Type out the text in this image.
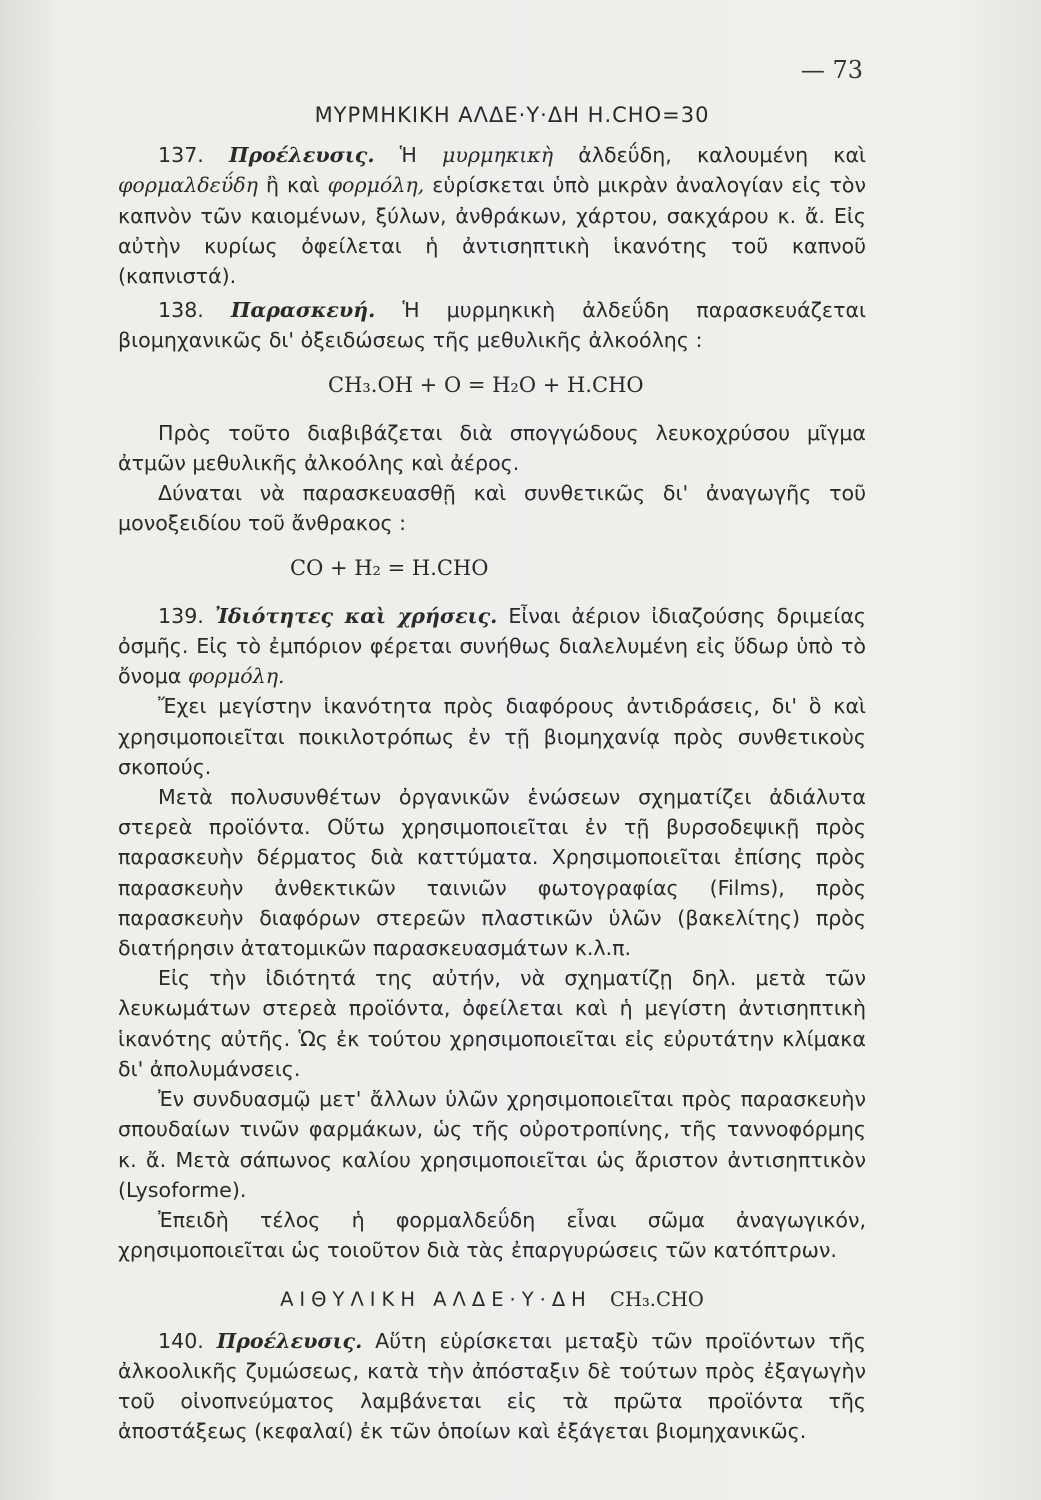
— 73
ΜΥΡΜΗΚΙΚΗ ΑΛΔΕ·Υ·ΔΗ Η.CHO=30

137. Προέλευσις. Ἡ μυρμηκικὴ ἀλδεΰδη, καλουμένη καὶ φορμαλδεΰδη ἢ καὶ φορμόλη, εὑρίσκεται ὑπὸ μικρὰν ἀναλογίαν εἰς τὸν καπνὸν τῶν καιομένων, ξύλων, ἀνθράκων, χάρτου, σακχάρου κ. ἄ. Εἰς αὐτὴν κυρίως ὀφείλεται ἡ ἀντισηπτικὴ ἱκανότης τοῦ καπνοῦ (καπνιστά).

138. Παρασκευή. Ἡ μυρμηκικὴ ἀλδεΰδη παρασκευάζεται βιομηχανικῶς δι' ὀξειδώσεως τῆς μεθυλικῆς ἀλκοόλης :

CH₃.OH + O = H₂O + H.CHO

Πρὸς τοῦτο διαβιβάζεται διὰ σπογγώδους λευκοχρύσου μῖγμα ἀτμῶν μεθυλικῆς ἀλκοόλης καὶ ἀέρος.

Δύναται νὰ παρασκευασθῇ καὶ συνθετικῶς δι' ἀναγωγῆς τοῦ μονοξειδίου τοῦ ἄνθρακος :

CO + H₂ = H.CHO

139. Ἰδιότητες καὶ χρήσεις. Εἶναι ἀέριον ἰδιαζούσης δριμείας ὀσμῆς. Εἰς τὸ ἐμπόριον φέρεται συνήθως διαλελυμένη εἰς ὕδωρ ὑπὸ τὸ ὄνομα φορμόλη.

Ἔχει μεγίστην ἱκανότητα πρὸς διαφόρους ἀντιδράσεις, δι' ὃ καὶ χρησιμοποιεῖται ποικιλοτρόπως ἐν τῇ βιομηχανίᾳ πρὸς συνθετικοὺς σκοπούς.

Μετὰ πολυσυνθέτων ὀργανικῶν ἑνώσεων σχηματίζει ἀδιάλυτα στερεὰ προϊόντα. Οὕτω χρησιμοποιεῖται ἐν τῇ βυρσοδεψικῇ πρὸς παρασκευὴν δέρματος διὰ καττύματα. Χρησιμοποιεῖται ἐπίσης πρὸς παρασκευὴν ἀνθεκτικῶν ταινιῶν φωτογραφίας (Films), πρὸς παρασκευὴν διαφόρων στερεῶν πλαστικῶν ὑλῶν (βακελίτης) πρὸς διατήρησιν ἀτατομικῶν παρασκευασμάτων κ.λ.π.

Εἰς τὴν ἰδιότητά της αὐτήν, νὰ σχηματίζῃ δηλ. μετὰ τῶν λευκωμάτων στερεὰ προϊόντα, ὀφείλεται καὶ ἡ μεγίστη ἀντισηπτικὴ ἱκανότης αὐτῆς. Ὡς ἐκ τούτου χρησιμοποιεῖται εἰς εὐρυτάτην κλίμακα δι' ἀπολυμάνσεις.

Ἐν συνδυασμῷ μετ' ἄλλων ὑλῶν χρησιμοποιεῖται πρὸς παρασκευὴν σπουδαίων τινῶν φαρμάκων, ὡς τῆς οὐροτροπίνης, τῆς ταννοφόρμης κ. ἄ. Μετὰ σάπωνος καλίου χρησιμοποιεῖται ὡς ἄριστον ἀντισηπτικὸν (Lysoforme).

Ἐπειδὴ τέλος ἡ φορμαλδεΰδη εἶναι σῶμα ἀναγωγικόν, χρησιμοποιεῖται ὡς τοιοῦτον διὰ τὰς ἐπαργυρώσεις τῶν κατόπτρων.

ΑΙΘΥΛΙΚΗ ΑΛΔΕ·Υ·ΔΗ CH₃.CHO

140. Προέλευσις. Αὕτη εὑρίσκεται μεταξὺ τῶν προϊόντων τῆς ἀλκοολικῆς ζυμώσεως, κατὰ τὴν ἀπόσταξιν δὲ τούτων πρὸς ἐξαγωγὴν τοῦ οἰνοπνεύματος λαμβάνεται εἰς τὰ πρῶτα προϊόντα τῆς ἀποστάξεως (κεφαλαί) ἐκ τῶν ὁποίων καὶ ἐξάγεται βιομηχανικῶς.
